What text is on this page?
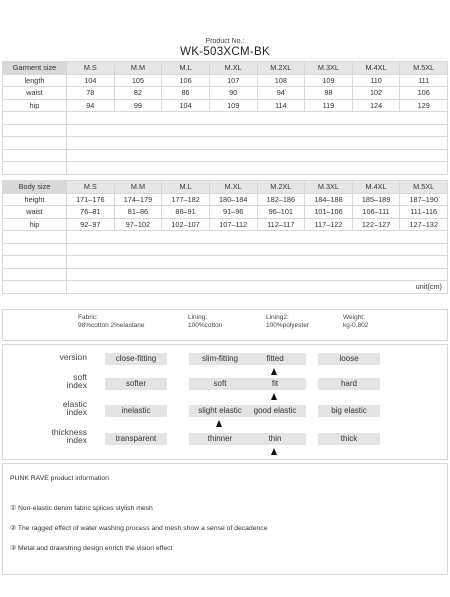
Product No.:
WK-503XCM-BK
Garment size	M.S	M.M	M.L	M.XL	M.2XL	M.3XL	M.4XL	M.5XL
length	104	105	106	107	108	109	110	111
waist	78	82	86	90	94	98	102	106
hip	94	99	104	109	114	119	124	129

Body size	M.S	M.M	M.L	M.XL	M.2XL	M.3XL	M.4XL	M.5XL
height	171–176	174–179	177–182	180–184	182–186	184–188	185–189	187–190
waist	76–81	81–86	86–91	91–96	96–101	101–106	106–111	111–116
hip	92–97	97–102	102–107	107–112	112–117	117–122	122–127	127–132

	unit(cm)							
Fabric:
98%cotton 2%elastane
Lining:
100%cotton
Lining2:
100%polyester
Weight:
kg-0.802
version	close-fitting	slim-fitting	fitted	loose
soft
index	softer	soft	fit	hard
elastic
index	inelastic	slight elastic	good elastic	big elastic
thickness
index	transparent	thinner	thin	thick
PUNK RAVE product information
① Non-elastic denim fabric splices stylish mesh
② The ragged effect of water washing process and mesh show a sense of decadence
③ Metal and drawstring design enrich the vision effect
